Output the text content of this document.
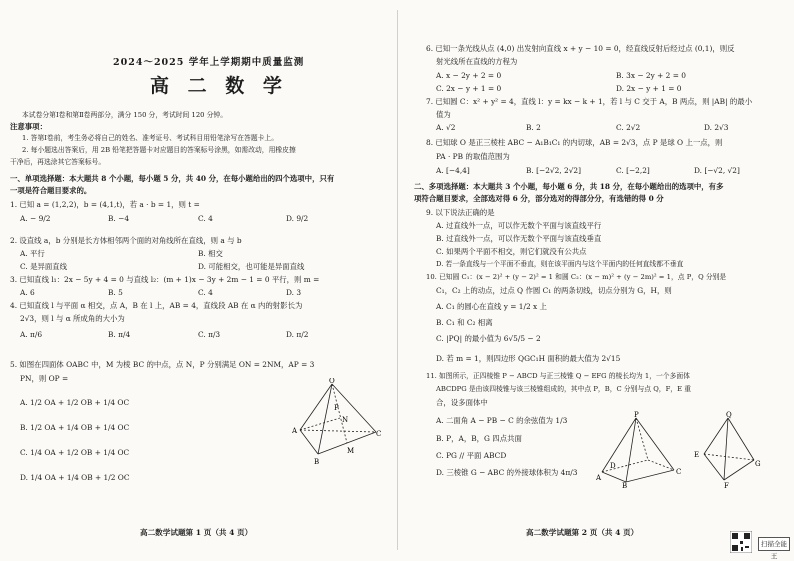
2024～2025 学年上学期期中质量监测
高 二 数 学
本试卷分第Ⅰ卷和第Ⅱ卷两部分，满分 150 分，考试时间 120 分钟。
注意事项：
1. 答第Ⅰ卷前，考生务必将自己的姓名、准考证号、考试科目用铅笔涂写在答题卡上。
2. 每小题选出答案后，用 2B 铅笔把答题卡对应题目的答案标号涂黑，如需改动，用橡皮擦
干净后，再选涂其它答案标号。
一、单项选择题：本大题共 8 个小题，每小题 5 分，共 40 分，在每小题给出的四个选项中，只有
一项是符合题目要求的。
1. 已知 a = (1,2,2)，b = (4,1,t)，若 a · b = 1，则 t =
A. − 9/2	B. −4	C. 4	D. 9/2
2. 设直线 a，b 分别是长方体相邻两个面的对角线所在直线，则 a 与 b
A. 平行	B. 相交
C. 是异面直线	D. 可能相交，也可能是异面直线
3. 已知直线 l₁：2x − 5y + 4 = 0 与直线 l₂：(m + 1)x − 3y + 2m − 1 = 0 平行，则 m =
A. 6	B. 5	C. 4	D. 3
4. 已知直线 l 与平面 α 相交，点 A，B 在 l 上，AB = 4，直线段 AB 在 α 内的射影长为
2√3，则 l 与 α 所成角的大小为
A. π/6	B. π/4	C. π/3	D. π/2
5. 如图在四面体 OABC 中，M 为棱 BC 的中点，点 N，P 分别满足 ON = 2NM，AP = 3
PN，则 OP =
A. 1/2 OA + 1/2 OB + 1/4 OC
B. 1/2 OA + 1/4 OB + 1/4 OC
C. 1/4 OA + 1/2 OB + 1/4 OC
D. 1/4 OA + 1/4 OB + 1/2 OC
O
A
B
C
M
N
P
高二数学试题第 1 页（共 4 页）
6. 已知一条光线从点 (4,0) 出发射向直线 x + y − 10 = 0，经直线反射后经过点 (0,1)，则反
射光线所在直线的方程为
A. x − 2y + 2 = 0	B. 3x − 2y + 2 = 0
C. 2x − y + 1 = 0	D. 2x − y + 1 = 0
7. 已知圆 C：x² + y² = 4，直线 l：y = kx − k + 1，若 l 与 C 交于 A，B 两点，则 |AB| 的最小
值为
A. √2	B. 2	C. 2√2	D. 2√3
8. 已知球 O 是正三棱柱 ABC − A₁B₁C₁ 的内切球，AB = 2√3，点 P 是球 O 上一点，则
PA · PB 的取值范围为
A. [−4,4]	B. [−2√2, 2√2]	C. [−2,2]	D. [−√2, √2]
二、多项选择题：本大题共 3 个小题，每小题 6 分，共 18 分，在每小题给出的选项中，有多
项符合题目要求，全部选对得 6 分，部分选对的得部分分，有选错的得 0 分
9. 以下说法正确的是
A. 过直线外一点，可以作无数个平面与该直线平行
B. 过直线外一点，可以作无数个平面与该直线垂直
C. 如果两个平面不相交，则它们就没有公共点
D. 若一条直线与一个平面不垂直，则在该平面内与这个平面内的任何直线都不垂直
10. 已知圆 C₁：(x − 2)² + (y − 2)² = 1 和圆 C₂：(x − m)² + (y − 2m)² = 1，点 P，Q 分别是
C₁，C₂ 上的动点，过点 Q 作圆 C₁ 的两条切线，切点分别为 G，H，则
A. C₁ 的圆心在直线 y = 1/2 x 上
B. C₁ 和 C₂ 相离
C. |PQ| 的最小值为 6√5/5 − 2
D. 若 m = 1，则四边形 QGC₁H 面积的最大值为 2√15
11. 如图所示，正四棱锥 P − ABCD 与正三棱锥 Q − EFG 的棱长均为 1，一个多面体
ABCDPG 是由该四棱锥与该三棱锥组成的，其中点 P，B，C 分别与点 Q，F，E 重
合，设多面体中
A. 二面角 A − PB − C 的余弦值为 1/3
B. P，A，B，G 四点共面
C. PG // 平面 ABCD
D. 三棱锥 G − ABC 的外接球体积为 4π/3
P
A
B
C
D
Q
E
F
G
高二数学试题第 2 页（共 4 页）
扫描全能王
